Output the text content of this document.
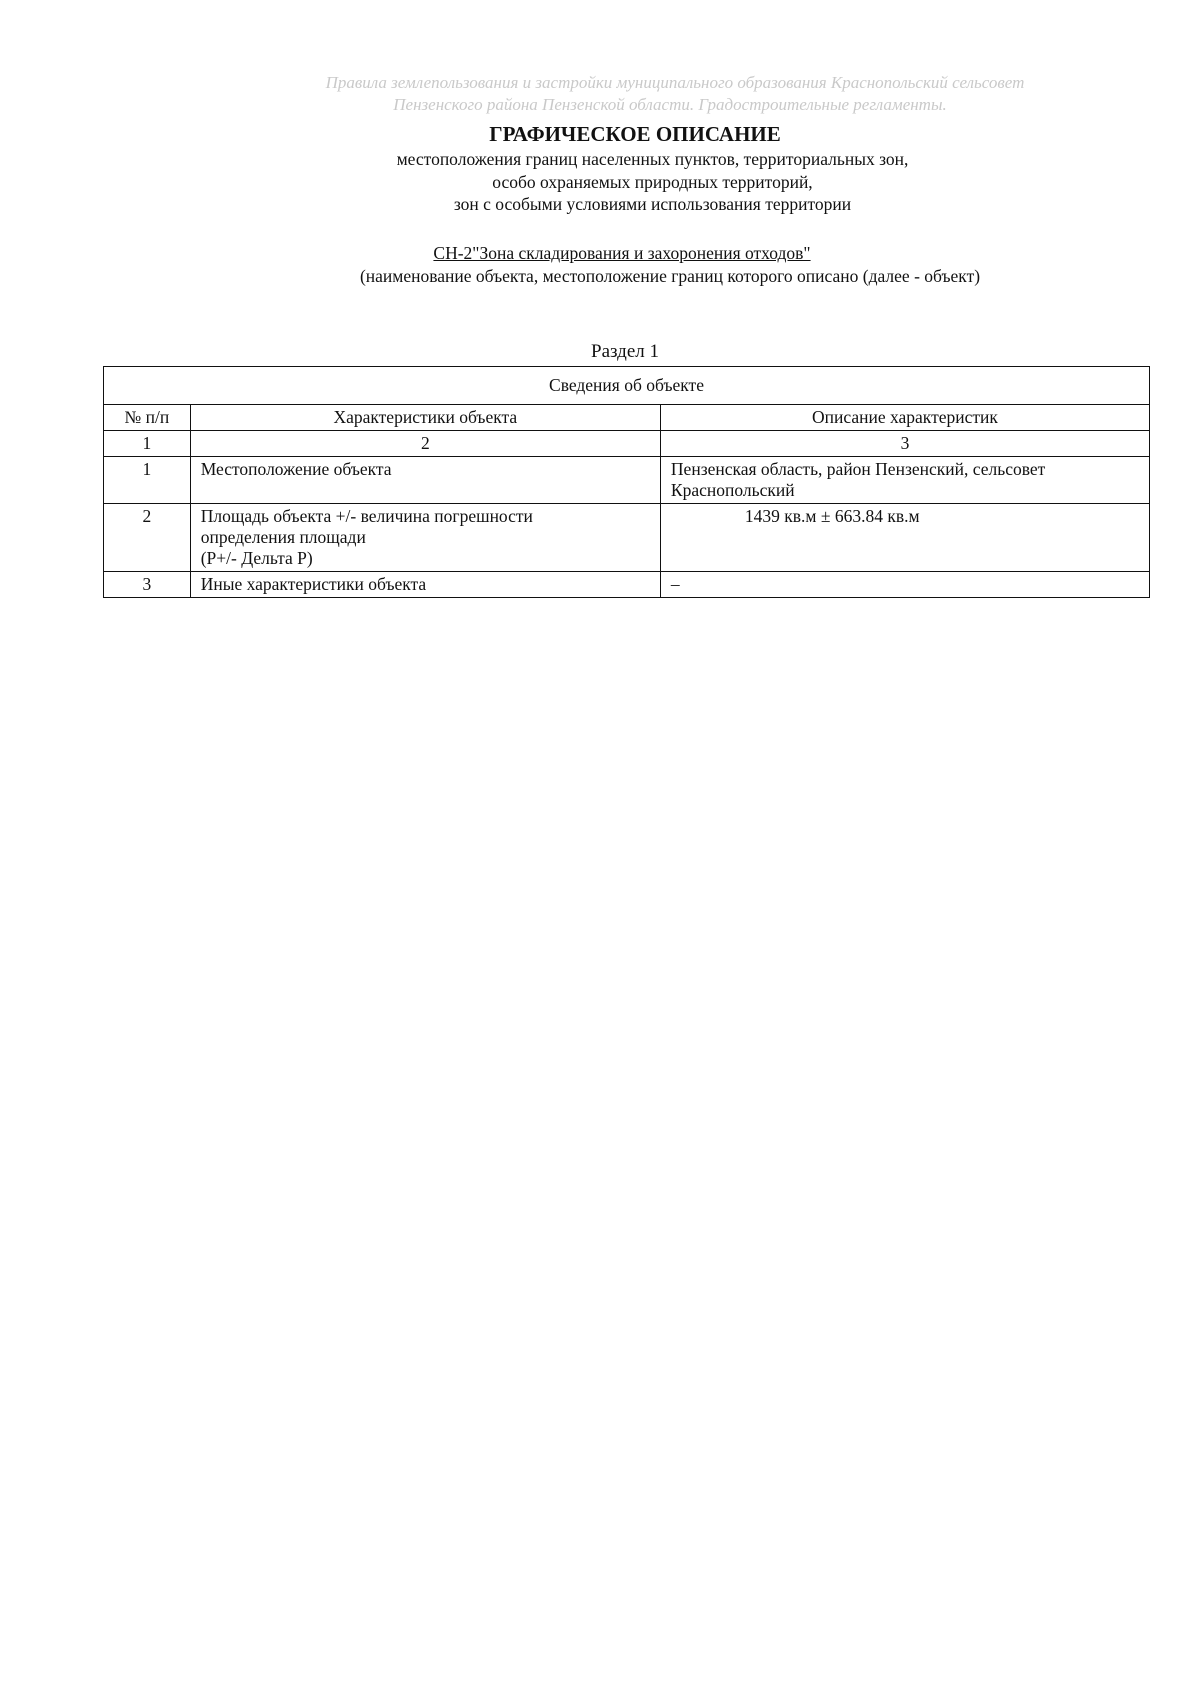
Правила землепользования и застройки муниципального образования Краснопольский сельсовет
Пензенского района Пензенской области. Градостроительные регламенты.
ГРАФИЧЕСКОЕ ОПИСАНИЕ
местоположения границ населенных пунктов, территориальных зон,
особо охраняемых природных территорий,
зон с особыми условиями использования территории
СН-2"Зона складирования и захоронения отходов"
(наименование объекта, местоположение границ которого описано (далее - объект)
Раздел 1
Сведения об объекте		
№ п/п	Характеристики объекта	Описание характеристик
1	2	3
1	Местоположение объекта	Пензенская область, район Пензенский, сельсовет
Краснопольский

2	Площадь объекта +/- величина погрешности
определения площади
(P+/- Дельта P)	1439 кв.м ± 663.84 кв.м
3	Иные характеристики объекта	–
